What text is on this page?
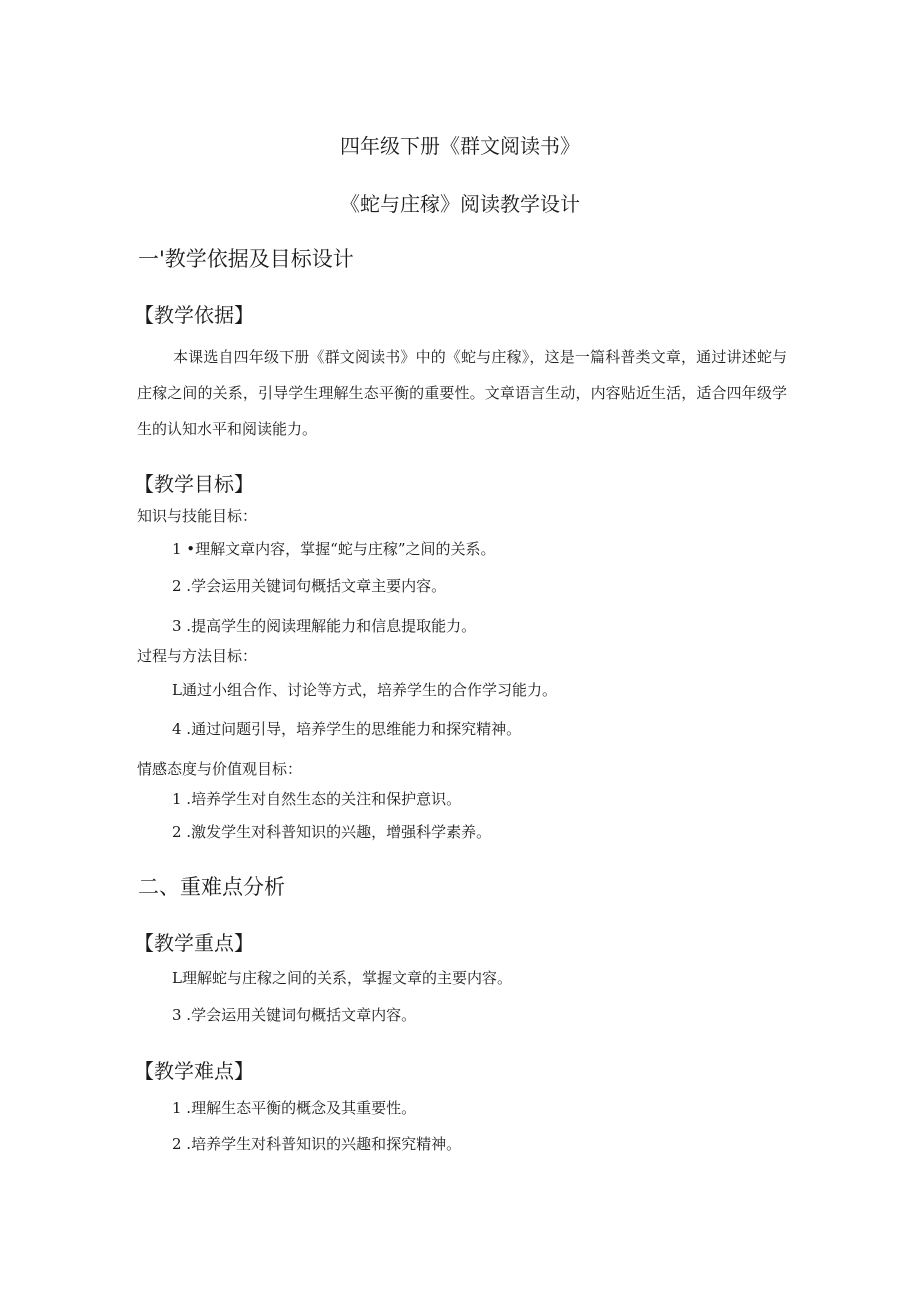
四年级下册《群文阅读书》
《蛇与庄稼》阅读教学设计
一'教学依据及目标设计
【教学依据】
本课选自四年级下册《群文阅读书》中的《蛇与庄稼》，这是一篇科普类文章，通过讲述蛇与庄稼之间的关系，引导学生理解生态平衡的重要性。文章语言生动，内容贴近生活，适合四年级学生的认知水平和阅读能力。
【教学目标】
知识与技能目标：
1 •理解文章内容，掌握“蛇与庄稼”之间的关系。
2 .学会运用关键词句概括文章主要内容。
3 .提高学生的阅读理解能力和信息提取能力。
过程与方法目标：
L通过小组合作、讨论等方式，培养学生的合作学习能力。
4 .通过问题引导，培养学生的思维能力和探究精神。
情感态度与价值观目标：
1 .培养学生对自然生态的关注和保护意识。
2 .激发学生对科普知识的兴趣，增强科学素养。
二、重难点分析
【教学重点】
L理解蛇与庄稼之间的关系，掌握文章的主要内容。
3 .学会运用关键词句概括文章内容。
【教学难点】
1 .理解生态平衡的概念及其重要性。
2 .培养学生对科普知识的兴趣和探究精神。
